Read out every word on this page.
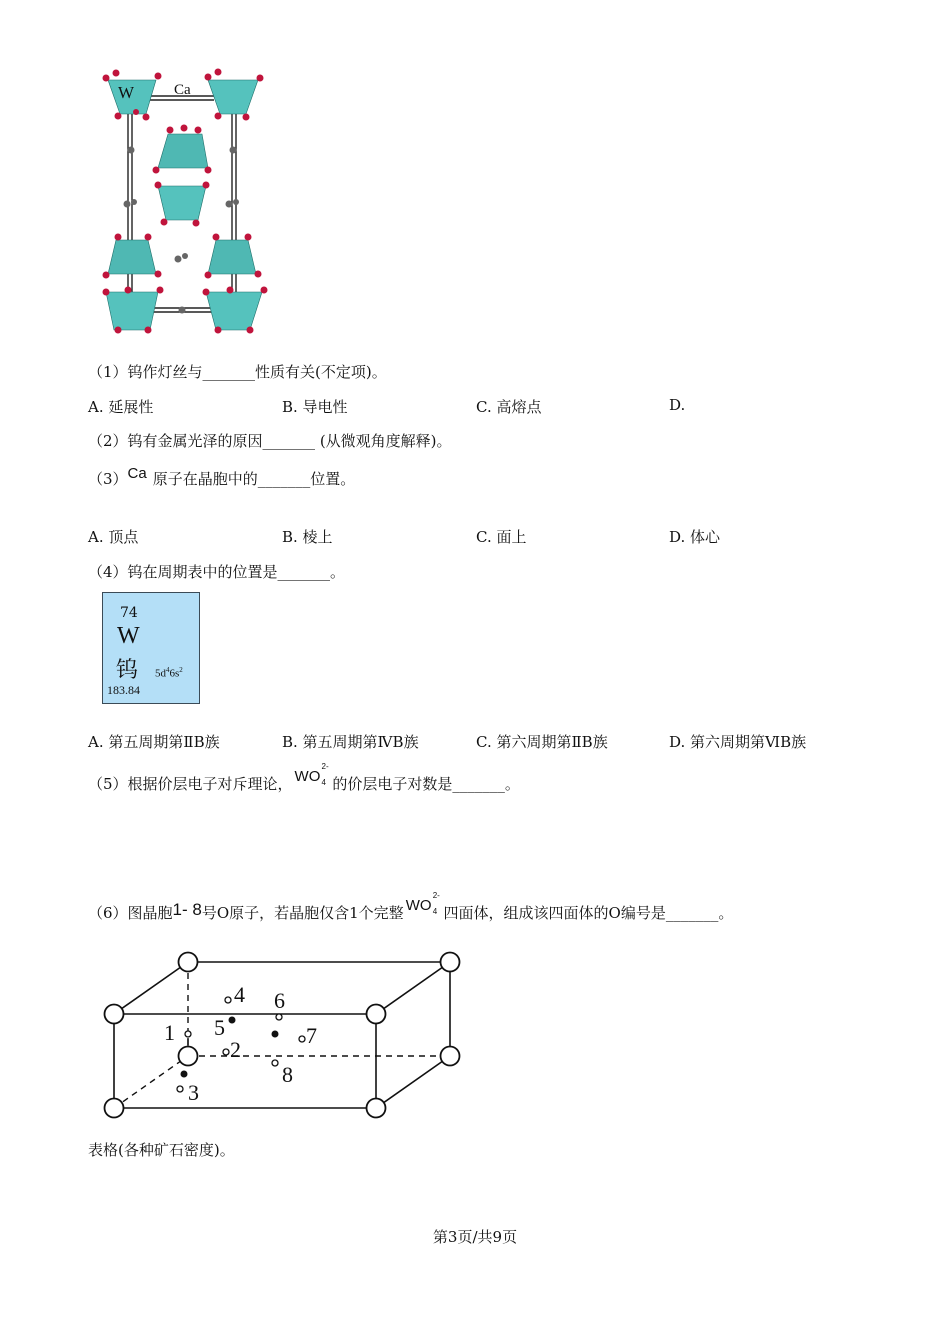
W	Ca
（1）钨作灯丝与_______性质有关(不定项)。
A. 延展性	B. 导电性	C. 高熔点	D.
（2）钨有金属光泽的原因_______ (从微观角度解释)。
（3）Ca 原子在晶胞中的_______位置。
A. 顶点	B. 棱上	C. 面上	D. 体心
（4）钨在周期表中的位置是_______。
74
W
钨 $5d^46s^2$
183.84
A. 第五周期第ⅡB族	B. 第五周期第ⅣB族	C. 第六周期第ⅡB族	D. 第六周期第ⅥB族
（5）根据价层电子对斥理论， WO
2-
4 的价层电子对数是_______。
（6）图晶胞1- 8号O原子，若晶胞仅含1个完整 WO
2-
4 四面体，组成该四面体的O编号是_______。
1
2
3
4
5
6
7
8
表格(各种矿石密度)。
第3页/共9页
